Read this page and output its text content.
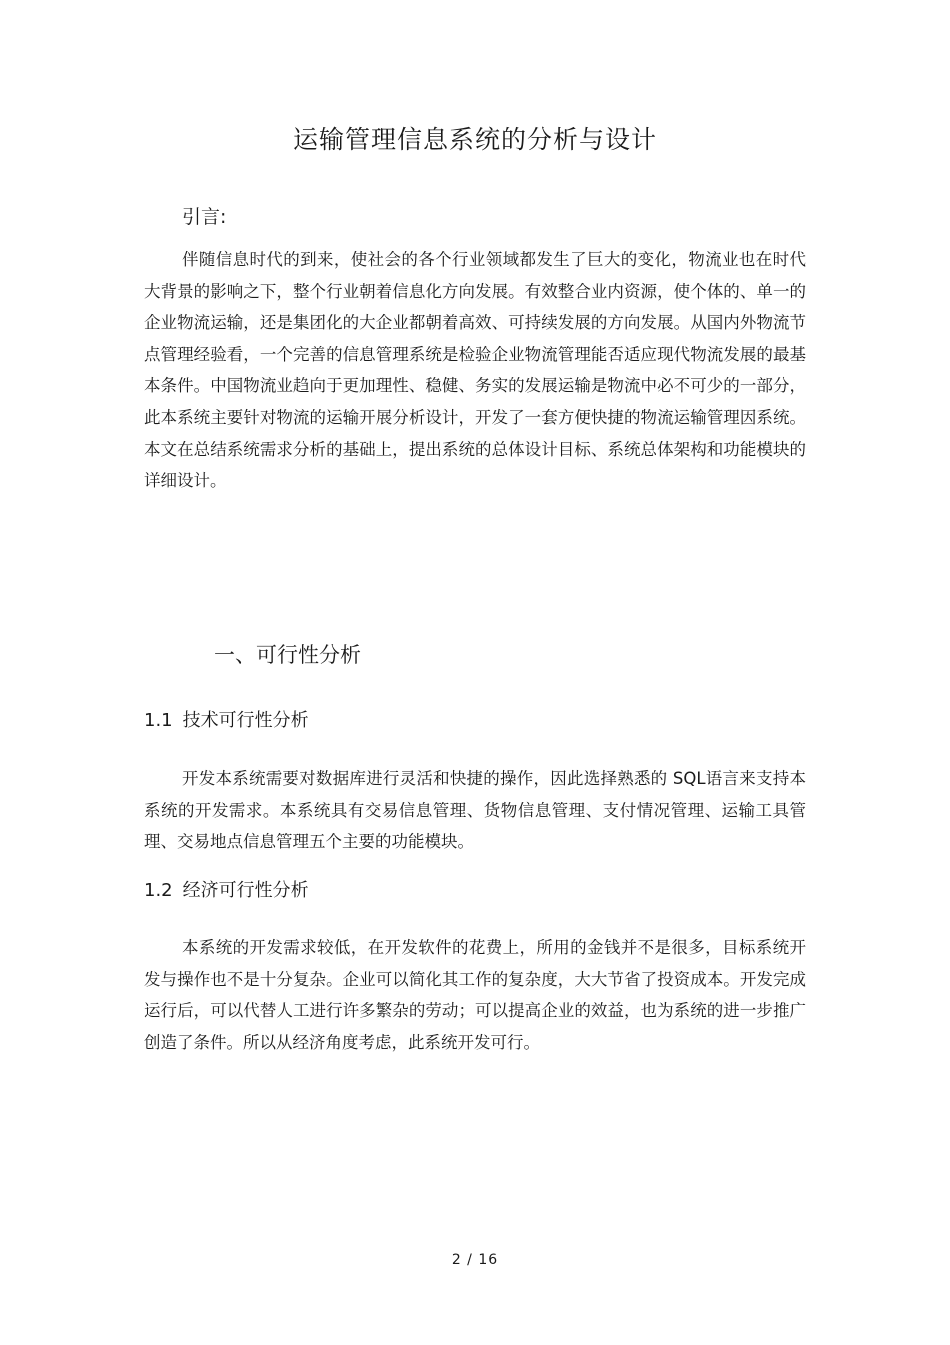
运输管理信息系统的分析与设计
引言:

伴随信息时代的到来，使社会的各个行业领域都发生了巨大的变化，物流业也在时代大背景的影响之下，整个行业朝着信息化方向发展。有效整合业内资源，使个体的、单一的企业物流运输，还是集团化的大企业都朝着高效、可持续发展的方向发展。从国内外物流节点管理经验看，一个完善的信息管理系统是检验企业物流管理能否适应现代物流发展的最基本条件。中国物流业趋向于更加理性、稳健、务实的发展运输是物流中必不可少的一部分，此本系统主要针对物流的运输开展分析设计，开发了一套方便快捷的物流运输管理因系统。本文在总结系统需求分析的基础上，提出系统的总体设计目标、系统总体架构和功能模块的详细设计。

一、可行性分析
1.1 技术可行性分析

开发本系统需要对数据库进行灵活和快捷的操作，因此选择熟悉的 SQL语言来支持本系统的开发需求。本系统具有交易信息管理、货物信息管理、支付情况管理、运输工具管理、交易地点信息管理五个主要的功能模块。

1.2 经济可行性分析

本系统的开发需求较低，在开发软件的花费上，所用的金钱并不是很多，目标系统开发与操作也不是十分复杂。企业可以简化其工作的复杂度，大大节省了投资成本。开发完成运行后，可以代替人工进行许多繁杂的劳动；可以提高企业的效益，也为系统的进一步推广创造了条件。所以从经济角度考虑，此系统开发可行。

2 / 16
